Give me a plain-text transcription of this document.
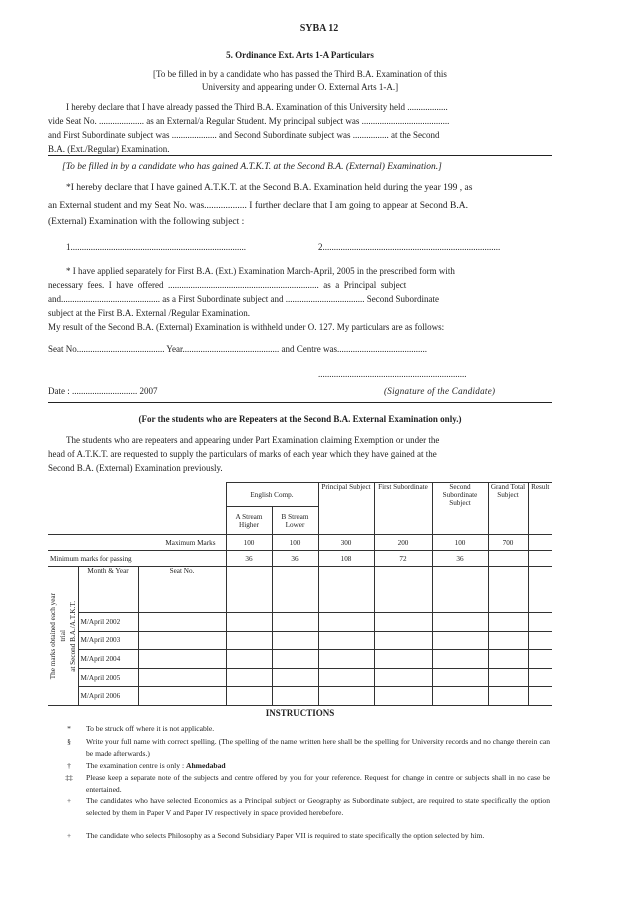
SYBA 12
5. Ordinance Ext. Arts 1-A Particulars
[To be filled in by a candidate who has passed the Third B.A. Examination of this
University and appearing under O. External Arts 1-A.]
I hereby declare that I have already passed the Third B.A. Examination of this University held ..................
vide Seat No. .................... as an External/a Regular Student. My principal subject was .......................................
and First Subordinate subject was .................... and Second Subordinate subject was ................ at the Second
B.A. (Ext./Regular) Examination.
[To be filled in by a candidate who has gained A.T.K.T. at the Second B.A. (External) Examination.]
*I hereby declare that I have gained A.T.K.T. at the Second B.A. Examination held during the year 199 , as
an External student and my Seat No. was.................. I further declare that I am going to appear at Second B.A.
(External) Examination with the following subject :
1..............................................................................	2...............................................................................
* I have applied separately for First B.A. (Ext.) Examination March-April, 2005 in the prescribed form with
necessary  fees.  I  have  offered  ...................................................................  as  a  Principal  subject
and............................................ as a First Subordinate subject and ................................... Second Subordinate
subject at the First B.A. External /Regular Examination.
My result of the Second B.A. (External) Examination is withheld under O. 127. My particulars are as follows:
Seat No....................................... Year........................................... and Centre was........................................
..................................................................
Date : ............................. 2007	(Signature of the Candidate)
(For the students who are Repeaters at the Second B.A. External Examination only.)
The students who are repeaters and appearing under Part Examination claiming Exemption or under the
head of A.T.K.T. are requested to supply the particulars of marks of each year which they have gained at the
Second B.A. (External) Examination previously.
			English Comp.		Principal Subject	First Subordinate	Second Subordinate Subject	Grand Total Subject	Result
			A Stream Higher	B Stream Lower					
Maximum Marks			100	100	300	200	100	700	
Minimum marks for passing			36	36	108	72	36		

The marks obtained each year trial at Second B.A./A.T.K.T.	Month & Year	Seat No.							
	M/April 2002								
	M/April 2003								
	M/April 2004								
	M/April 2005								
	M/April 2006								
INSTRUCTIONS
*	To be struck off where it is not applicable.
§	Write your full name with correct spelling. (The spelling of the name written here shall be the spelling for University records and no change therein can be made afterwards.)
†	The examination centre is only : Ahmedabad
‡‡	Please keep a separate note of the subjects and centre offered by you for your reference. Request for change in centre or subjects shall in no case be entertained.
+	The candidates who have selected Economics as a Principal subject or Geography as Subordinate subject, are required to state specifically the option selected by them in Paper V and Paper IV respectively in space provided herebefore.
+	The candidate who selects Philosophy as a Second Subsidiary Paper VII is required to state specifically the option selected by him.
